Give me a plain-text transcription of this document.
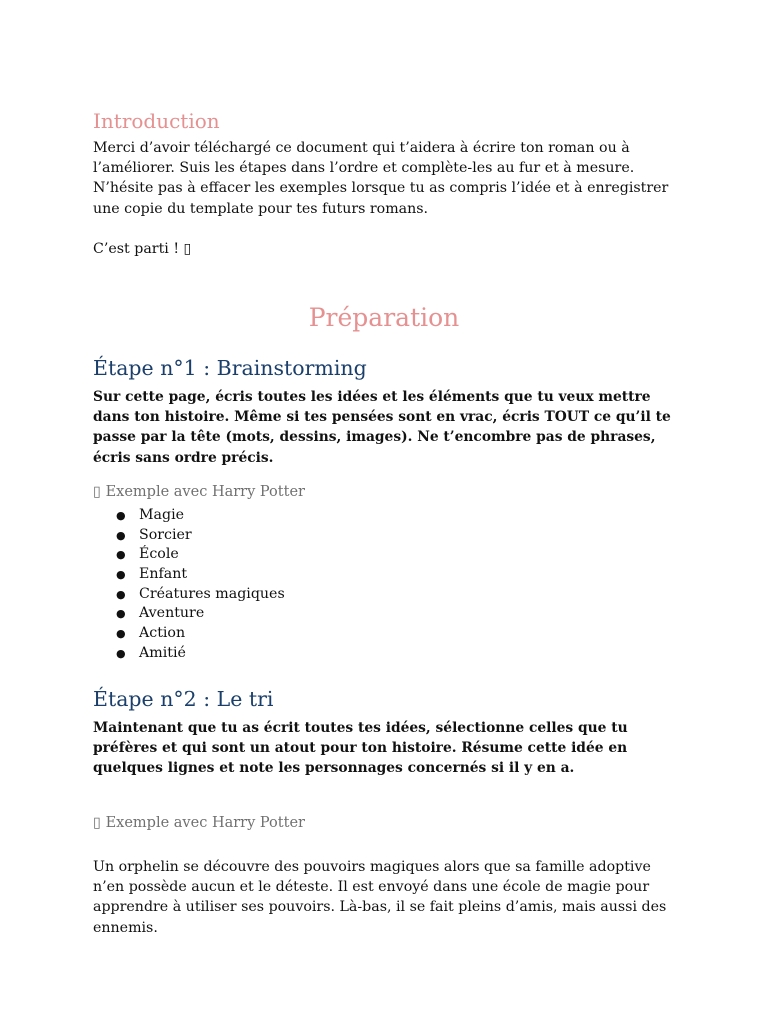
Introduction

Merci d’avoir téléchargé ce document qui t’aidera à écrire ton roman ou à l’améliorer. Suis les étapes dans l’ordre et complète-les au fur et à mesure. N’hésite pas à effacer les exemples lorsque tu as compris l’idée et à enregistrer une copie du template pour tes futurs romans.

C’est parti ! ▯

Préparation
Étape n°1 : Brainstorming

Sur cette page, écris toutes les idées et les éléments que tu veux mettre dans ton histoire. Même si tes pensées sont en vrac, écris TOUT ce qu’il te passe par la tête (mots, dessins, images). Ne t’encombre pas de phrases, écris sans ordre précis.

▯ Exemple avec Harry Potter

● Magie
● Sorcier
● École
● Enfant
● Créatures magiques
● Aventure
● Action
● Amitié
Étape n°2 : Le tri

Maintenant que tu as écrit toutes tes idées, sélectionne celles que tu préfères et qui sont un atout pour ton histoire. Résume cette idée en quelques lignes et note les personnages concernés si il y en a.

▯ Exemple avec Harry Potter

Un orphelin se découvre des pouvoirs magiques alors que sa famille adoptive n’en possède aucun et le déteste. Il est envoyé dans une école de magie pour apprendre à utiliser ses pouvoirs. Là-bas, il se fait pleins d’amis, mais aussi des ennemis.
